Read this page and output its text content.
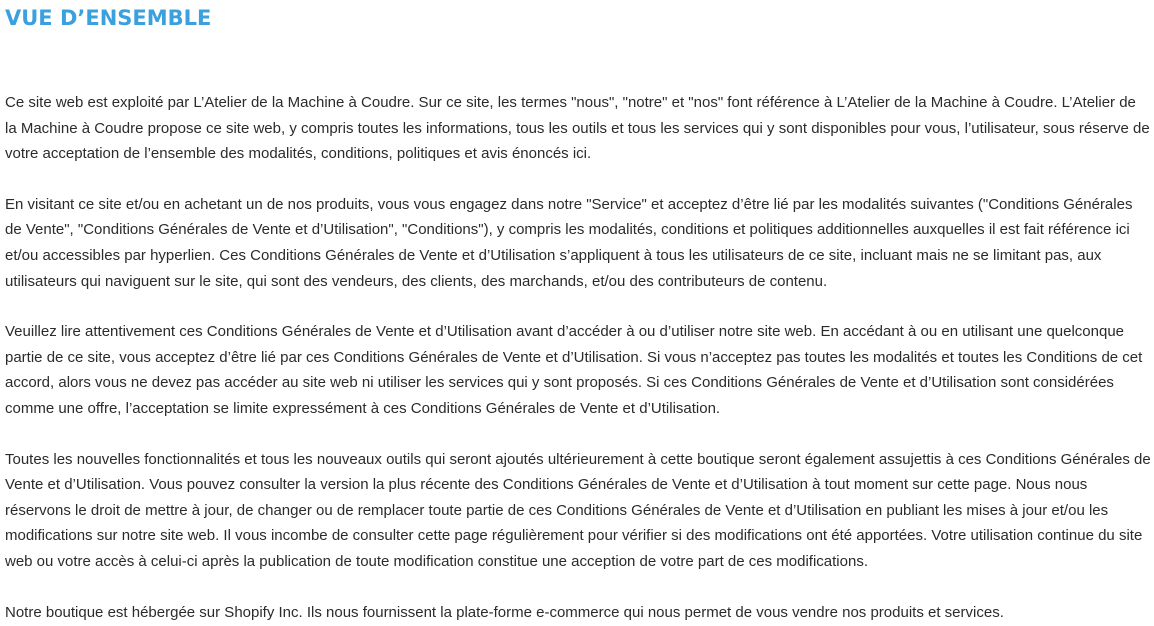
VUE D’ENSEMBLE

Ce site web est exploité par L’Atelier de la Machine à Coudre. Sur ce site, les termes "nous", "notre" et "nos" font référence à L’Atelier de la Machine à Coudre. L’Atelier de la Machine à Coudre propose ce site web, y compris toutes les informations, tous les outils et tous les services qui y sont disponibles pour vous, l’utilisateur, sous réserve de votre acceptation de l’ensemble des modalités, conditions, politiques et avis énoncés ici.

En visitant ce site et/ou en achetant un de nos produits, vous vous engagez dans notre "Service" et acceptez d’être lié par les modalités suivantes ("Conditions Générales de Vente", "Conditions Générales de Vente et d’Utilisation", "Conditions"), y compris les modalités, conditions et politiques additionnelles auxquelles il est fait référence ici et/ou accessibles par hyperlien. Ces Conditions Générales de Vente et d’Utilisation s’appliquent à tous les utilisateurs de ce site, incluant mais ne se limitant pas, aux utilisateurs qui naviguent sur le site, qui sont des vendeurs, des clients, des marchands, et/ou des contributeurs de contenu.

Veuillez lire attentivement ces Conditions Générales de Vente et d’Utilisation avant d’accéder à ou d’utiliser notre site web. En accédant à ou en utilisant une quelconque partie de ce site, vous acceptez d’être lié par ces Conditions Générales de Vente et d’Utilisation. Si vous n’acceptez pas toutes les modalités et toutes les Conditions de cet accord, alors vous ne devez pas accéder au site web ni utiliser les services qui y sont proposés. Si ces Conditions Générales de Vente et d’Utilisation sont considérées comme une offre, l’acceptation se limite expressément à ces Conditions Générales de Vente et d’Utilisation.

Toutes les nouvelles fonctionnalités et tous les nouveaux outils qui seront ajoutés ultérieurement à cette boutique seront également assujettis à ces Conditions Générales de Vente et d’Utilisation. Vous pouvez consulter la version la plus récente des Conditions Générales de Vente et d’Utilisation à tout moment sur cette page. Nous nous réservons le droit de mettre à jour, de changer ou de remplacer toute partie de ces Conditions Générales de Vente et d’Utilisation en publiant les mises à jour et/ou les modifications sur notre site web. Il vous incombe de consulter cette page régulièrement pour vérifier si des modifications ont été apportées. Votre utilisation continue du site web ou votre accès à celui-ci après la publication de toute modification constitue une acception de votre part de ces modifications.

Notre boutique est hébergée sur Shopify Inc. Ils nous fournissent la plate-forme e-commerce qui nous permet de vous vendre nos produits et services.
